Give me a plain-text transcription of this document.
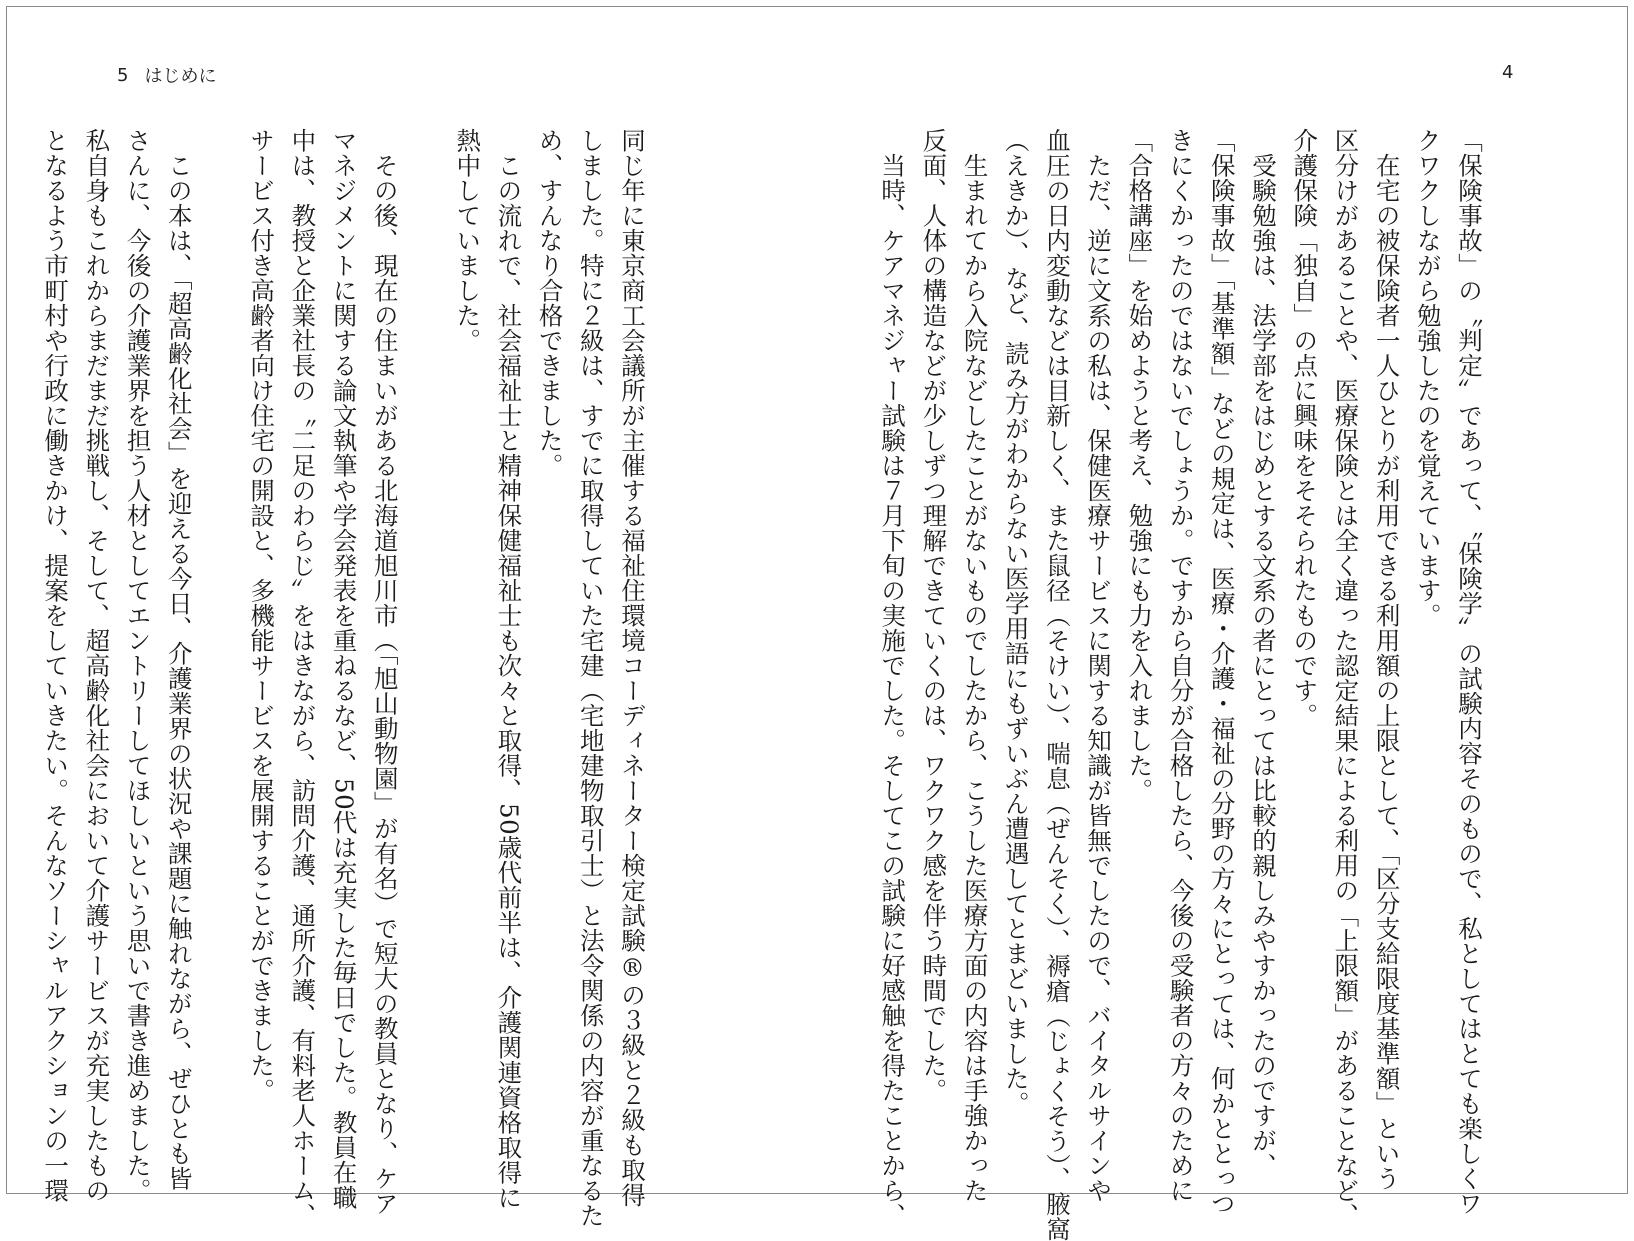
5 はじめに	4

「保険事故」の〝判定〟であって、〝保険学〟の試験内容そのもので、私としてはとても楽しくワ

クワクしながら勉強したのを覚えています。

　在宅の被保険者一人ひとりが利用できる利用額の上限として、「区分支給限度基準額」という

区分けがあることや、医療保険とは全く違った認定結果による利用の「上限額」があることなど、

介護保険「独自」の点に興味をそそられたものです。

　受験勉強は、法学部をはじめとする文系の者にとっては比較的親しみやすかったのですが、

「保険事故」「基準額」などの規定は、医療・介護・福祉の分野の方々にとっては、何かととっつ

きにくかったのではないでしょうか。ですから自分が合格したら、今後の受験者の方々のために

「合格講座」を始めようと考え、勉強にも力を入れました。

　ただ、逆に文系の私は、保健医療サービスに関する知識が皆無でしたので、バイタルサインや

血圧の日内変動などは目新しく、また鼠径（そけい）、喘息（ぜんそく）、褥瘡（じょくそう）、腋窩

（えきか）、など、読み方がわからない医学用語にもずいぶん遭遇してとまどいました。

　生まれてから入院などしたことがないものでしたから、こうした医療方面の内容は手強かった

反面、人体の構造などが少しずつ理解できていくのは、ワクワク感を伴う時間でした。

　当時、ケアマネジャー試験は７月下旬の実施でした。そしてこの試験に好感触を得たことから、

同じ年に東京商工会議所が主催する福祉住環境コーディネーター検定試験®の３級と２級も取得

しました。特に２級は、すでに取得していた宅建（宅地建物取引士）と法令関係の内容が重なるた

め、すんなり合格できました。

　この流れで、社会福祉士と精神保健福祉士も次々と取得、50歳代前半は、介護関連資格取得に

熱中していました。

　その後、現在の住まいがある北海道旭川市（「旭山動物園」が有名）で短大の教員となり、ケア

マネジメントに関する論文執筆や学会発表を重ねるなど、50代は充実した毎日でした。教員在職

中は、教授と企業社長の〝二足のわらじ〟をはきながら、訪問介護、通所介護、有料老人ホーム、

サービス付き高齢者向け住宅の開設と、多機能サービスを展開することができました。

　この本は、「超高齢化社会」を迎える今日、介護業界の状況や課題に触れながら、ぜひとも皆

さんに、今後の介護業界を担う人材としてエントリーしてほしいという思いで書き進めました。

私自身もこれからまだまだ挑戦し、そして、超高齢化社会において介護サービスが充実したもの

となるよう市町村や行政に働きかけ、提案をしていきたい。そんなソーシャルアクションの一環
